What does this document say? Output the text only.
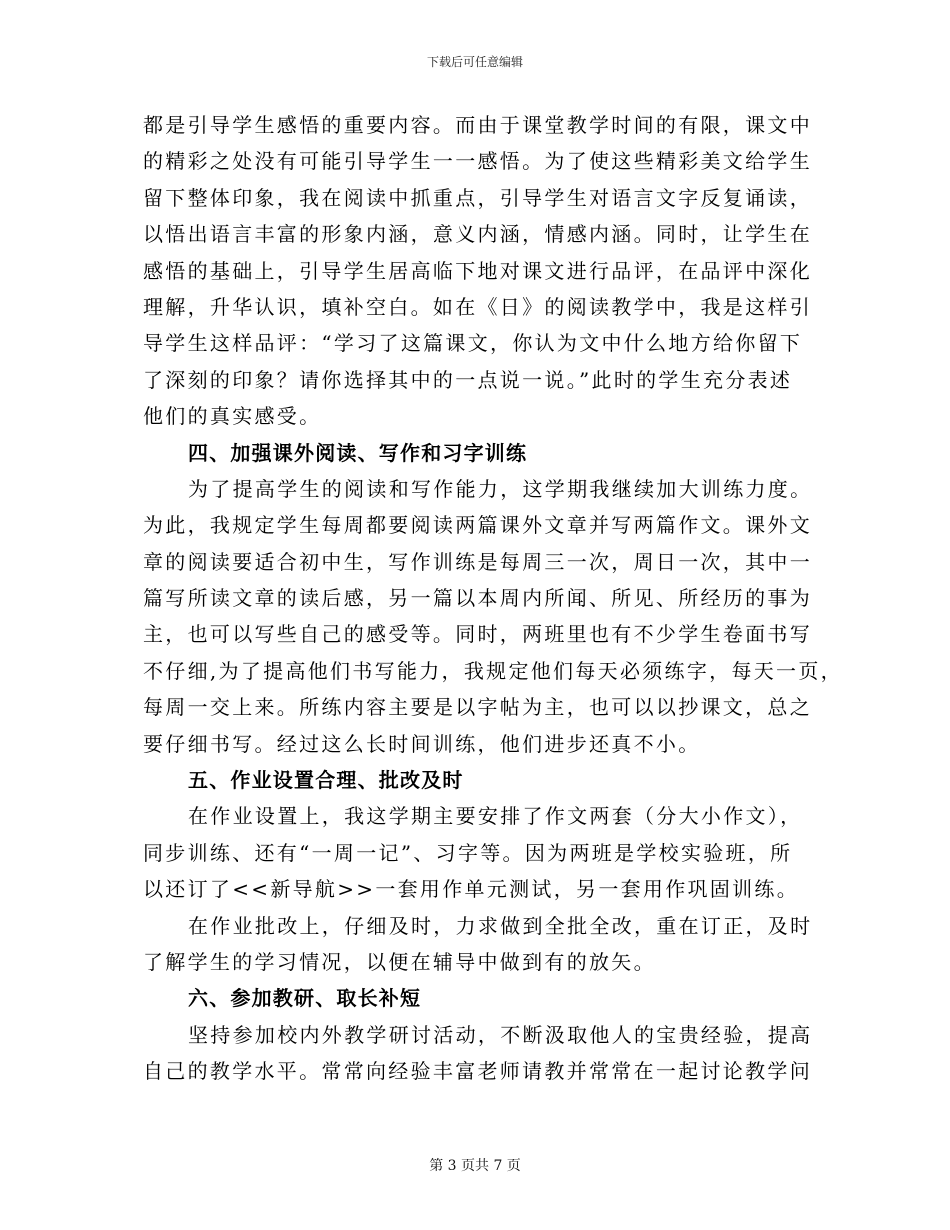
下载后可任意编辑
都是引导学生感悟的重要内容。而由于课堂教学时间的有限，课文中
的精彩之处没有可能引导学生一一感悟。为了使这些精彩美文给学生
留下整体印象，我在阅读中抓重点，引导学生对语言文字反复诵读，
以悟出语言丰富的形象内涵，意义内涵，情感内涵。同时，让学生在
感悟的基础上，引导学生居高临下地对课文进行品评，在品评中深化
理解，升华认识，填补空白。如在《日》的阅读教学中，我是这样引
导学生这样品评：“学习了这篇课文，你认为文中什么地方给你留下
了深刻的印象？请你选择其中的一点说一说。”此时的学生充分表述
他们的真实感受。
四、加强课外阅读、写作和习字训练
为了提高学生的阅读和写作能力，这学期我继续加大训练力度。
为此，我规定学生每周都要阅读两篇课外文章并写两篇作文。课外文
章的阅读要适合初中生，写作训练是每周三一次，周日一次，其中一
篇写所读文章的读后感，另一篇以本周内所闻、所见、所经历的事为
主，也可以写些自己的感受等。同时，两班里也有不少学生卷面书写
不仔细,为了提高他们书写能力，我规定他们每天必须练字，每天一页，
每周一交上来。所练内容主要是以字帖为主，也可以以抄课文，总之
要仔细书写。经过这么长时间训练，他们进步还真不小。
五、作业设置合理、批改及时
在作业设置上，我这学期主要安排了作文两套（分大小作文），
同步训练、还有“一周一记”、习字等。因为两班是学校实验班，所
以还订了<<新导航>>一套用作单元测试，另一套用作巩固训练。
在作业批改上，仔细及时，力求做到全批全改，重在订正，及时
了解学生的学习情况，以便在辅导中做到有的放矢。
六、参加教研、取长补短
坚持参加校内外教学研讨活动，不断汲取他人的宝贵经验，提高
自己的教学水平。常常向经验丰富老师请教并常常在一起讨论教学问
第 3 页共 7 页
